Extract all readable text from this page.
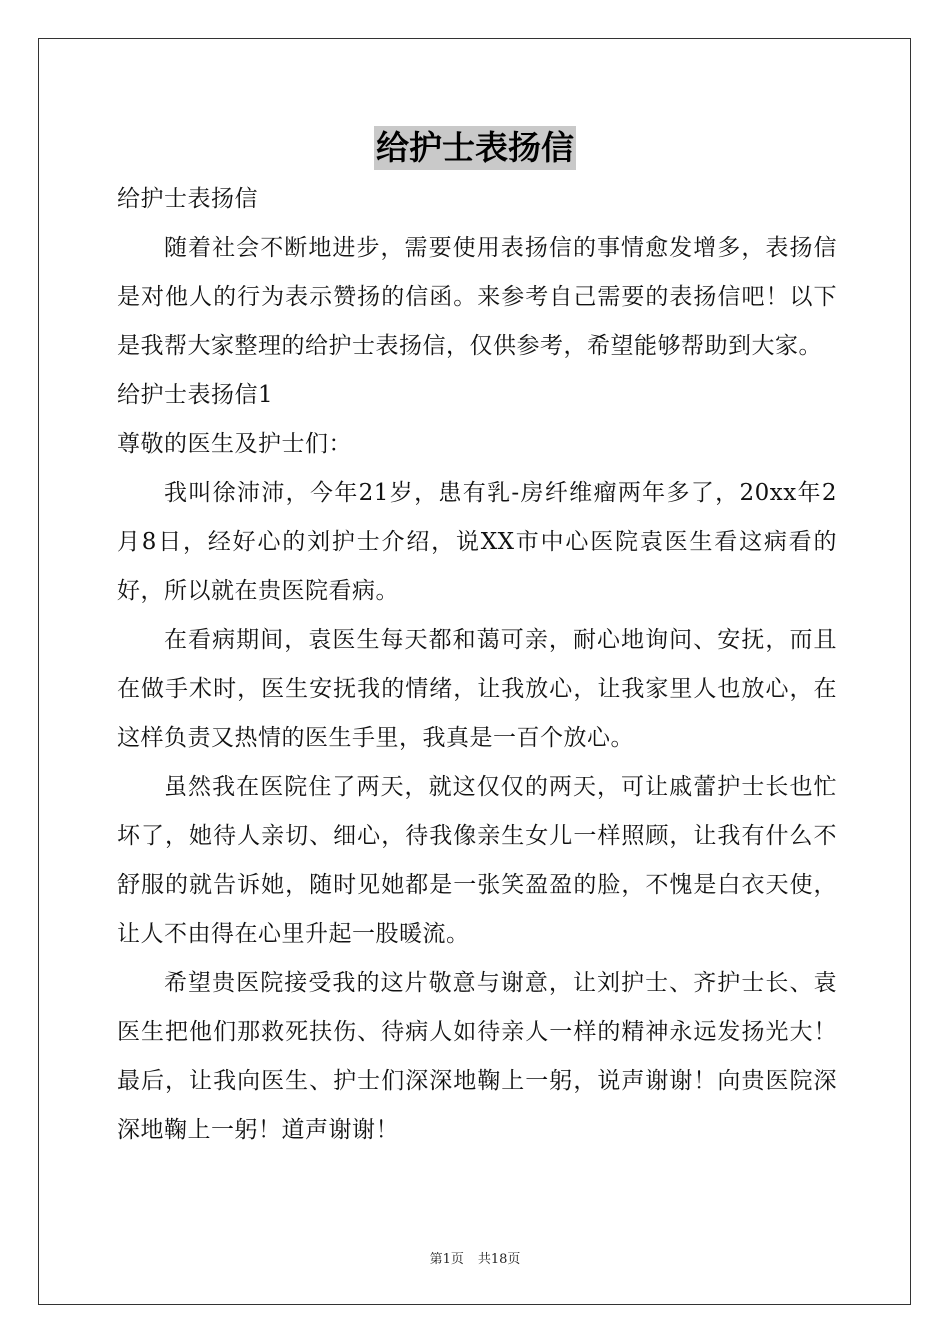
给护士表扬信

给护士表扬信

随着社会不断地进步，需要使用表扬信的事情愈发增多，表扬信

是对他人的行为表示赞扬的信函。来参考自己需要的表扬信吧！以下

是我帮大家整理的给护士表扬信，仅供参考，希望能够帮助到大家。

给护士表扬信1

尊敬的医生及护士们：

我叫徐沛沛，今年21岁，患有乳-房纤维瘤两年多了，20xx年2

月8日，经好心的刘护士介绍，说XX市中心医院袁医生看这病看的

好，所以就在贵医院看病。

在看病期间，袁医生每天都和蔼可亲，耐心地询问、安抚，而且

在做手术时，医生安抚我的情绪，让我放心，让我家里人也放心，在

这样负责又热情的医生手里，我真是一百个放心。

虽然我在医院住了两天，就这仅仅的两天，可让戚蕾护士长也忙

坏了，她待人亲切、细心，待我像亲生女儿一样照顾，让我有什么不

舒服的就告诉她，随时见她都是一张笑盈盈的脸，不愧是白衣天使，

让人不由得在心里升起一股暖流。

希望贵医院接受我的这片敬意与谢意，让刘护士、齐护士长、袁

医生把他们那救死扶伤、待病人如待亲人一样的精神永远发扬光大！

最后，让我向医生、护士们深深地鞠上一躬，说声谢谢！向贵医院深

深地鞠上一躬！道声谢谢！

第1页 共18页
